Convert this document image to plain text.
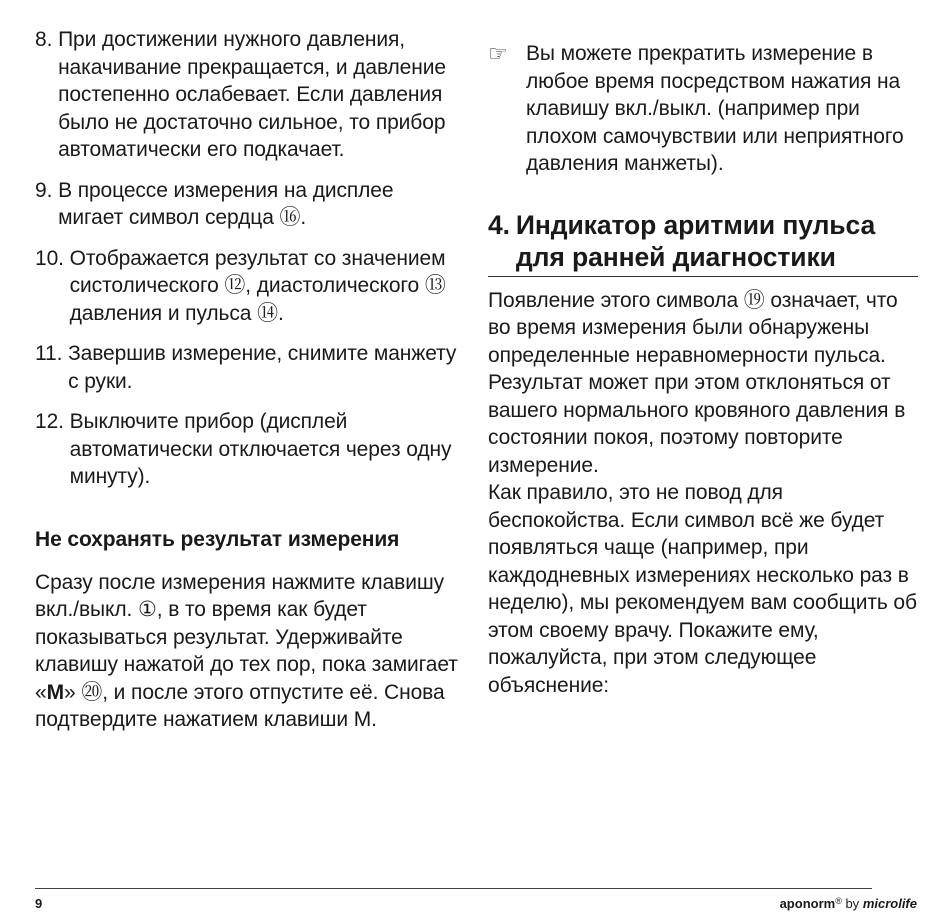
8. При достижении нужного давления, накачивание прекращается, и давление постепенно ослабевает. Если давления было не достаточно сильное, то прибор автоматически его подкачает.
9. В процессе измерения на дисплее мигает символ сердца ⑯.
10. Отображается результат со значением систолического ⑫, диастолического ⑬ давления и пульса ⑭.
11. Завершив измерение, снимите манжету с руки.
12. Выключите прибор (дисплей автоматически отключается через одну минуту).
Не сохранять результат измерения

Сразу после измерения нажмите клавишу вкл./выкл. ①, в то время как будет показываться результат. Удерживайте клавишу нажатой до тех пор, пока замигает «M» ⑳, и после этого отпустите её. Снова подтвердите нажатием клавиши M.

☞ Вы можете прекратить измерение в любое время посредством нажатия на клавишу вкл./выкл. (например при плохом самочувствии или неприятного давления манжеты).
4. Индикатор аритмии пульса для ранней диагностики

Появление этого символа ⑲ означает, что во время измерения были обнаружены определенные неравномерности пульса. Результат может при этом отклоняться от вашего нормального кровяного давления в состоянии покоя, поэтому повторите измерение.

Как правило, это не повод для беспокойства. Если символ всё же будет появляться чаще (например, при каждодневных измерениях несколько раз в неделю), мы рекомендуем вам сообщить об этом своему врачу. Покажите ему, пожалуйста, при этом следующее объяснение:

9	aponorm® by microlife
